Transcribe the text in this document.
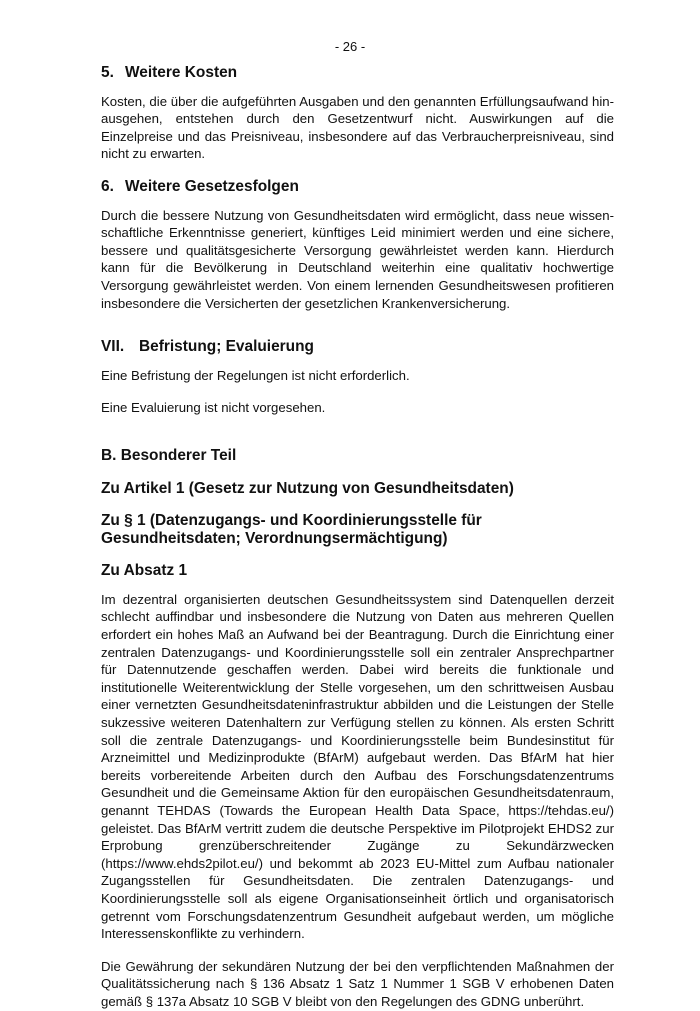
- 26 -
5. Weitere Kosten

Kosten, die über die aufgeführten Ausgaben und den genannten Erfüllungsaufwand hinausgehen, entstehen durch den Gesetzentwurf nicht. Auswirkungen auf die Einzelpreise und das Preisniveau, insbesondere auf das Verbraucherpreisniveau, sind nicht zu erwarten.

6. Weitere Gesetzesfolgen

Durch die bessere Nutzung von Gesundheitsdaten wird ermöglicht, dass neue wissenschaftliche Erkenntnisse generiert, künftiges Leid minimiert werden und eine sichere, bessere und qualitätsgesicherte Versorgung gewährleistet werden kann. Hierdurch kann für die Bevölkerung in Deutschland weiterhin eine qualitativ hochwertige Versorgung gewährleistet werden. Von einem lernenden Gesundheitswesen profitieren insbesondere die Versicherten der gesetzlichen Krankenversicherung.

VII. Befristung; Evaluierung

Eine Befristung der Regelungen ist nicht erforderlich.

Eine Evaluierung ist nicht vorgesehen.

B. Besonderer Teil
Zu Artikel 1 (Gesetz zur Nutzung von Gesundheitsdaten)
Zu § 1 (Datenzugangs- und Koordinierungsstelle für Gesundheitsdaten; Verordnungsermächtigung)
Zu Absatz 1

Im dezentral organisierten deutschen Gesundheitssystem sind Datenquellen derzeit schlecht auffindbar und insbesondere die Nutzung von Daten aus mehreren Quellen erfordert ein hohes Maß an Aufwand bei der Beantragung. Durch die Einrichtung einer zentralen Datenzugangs- und Koordinierungsstelle soll ein zentraler Ansprechpartner für Datennutzende geschaffen werden. Dabei wird bereits die funktionale und institutionelle Weiterentwicklung der Stelle vorgesehen, um den schrittweisen Ausbau einer vernetzten Gesundheitsdateninfrastruktur abbilden und die Leistungen der Stelle sukzessive weiteren Datenhaltern zur Verfügung stellen zu können. Als ersten Schritt soll die zentrale Datenzugangs- und Koordinierungsstelle beim Bundesinstitut für Arzneimittel und Medizinprodukte (BfArM) aufgebaut werden. Das BfArM hat hier bereits vorbereitende Arbeiten durch den Aufbau des Forschungsdatenzentrums Gesundheit und die Gemeinsame Aktion für den europäischen Gesundheitsdatenraum, genannt TEHDAS (Towards the European Health Data Space, https://tehdas.eu/) geleistet. Das BfArM vertritt zudem die deutsche Perspektive im Pilotprojekt EHDS2 zur Erprobung grenzüberschreitender Zugänge zu Sekundärzwecken (https://www.ehds2pilot.eu/) und bekommt ab 2023 EU-Mittel zum Aufbau nationaler Zugangsstellen für Gesundheitsdaten. Die zentralen Datenzugangs- und Koordinierungsstelle soll als eigene Organisationseinheit örtlich und organisatorisch getrennt vom Forschungsdatenzentrum Gesundheit aufgebaut werden, um mögliche Interessenskonflikte zu verhindern.

Die Gewährung der sekundären Nutzung der bei den verpflichtenden Maßnahmen der Qualitätssicherung nach § 136 Absatz 1 Satz 1 Nummer 1 SGB V erhobenen Daten gemäß § 137a Absatz 10 SGB V bleibt von den Regelungen des GDNG unberührt.
